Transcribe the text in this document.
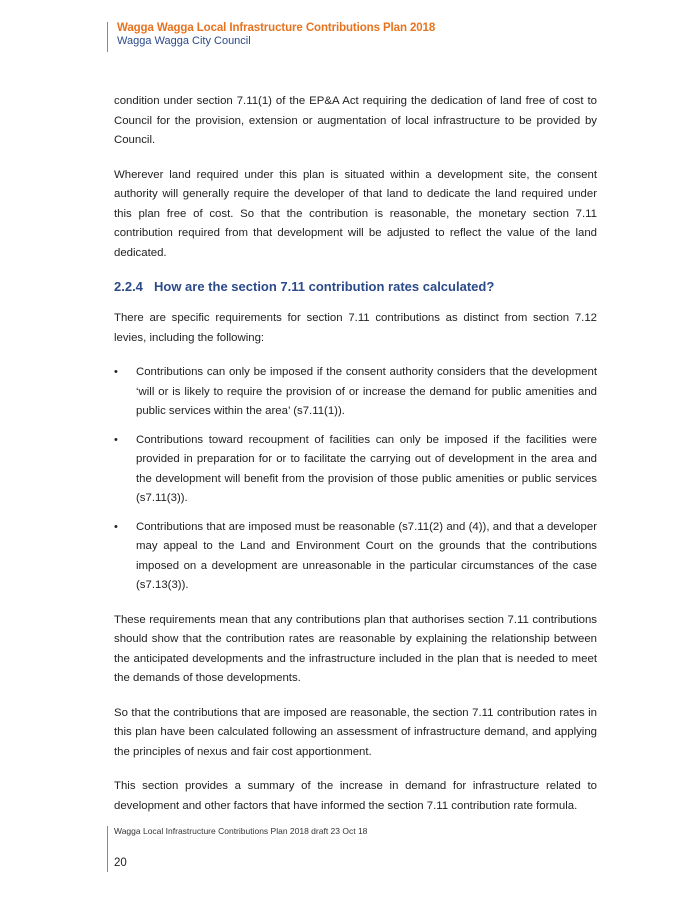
Wagga Wagga Local Infrastructure Contributions Plan 2018
Wagga Wagga City Council

condition under section 7.11(1) of the EP&A Act requiring the dedication of land free of cost to Council for the provision, extension or augmentation of local infrastructure to be provided by Council.

Wherever land required under this plan is situated within a development site, the consent authority will generally require the developer of that land to dedicate the land required under this plan free of cost. So that the contribution is reasonable, the monetary section 7.11 contribution required from that development will be adjusted to reflect the value of the land dedicated.

2.2.4 How are the section 7.11 contribution rates calculated?

There are specific requirements for section 7.11 contributions as distinct from section 7.12 levies, including the following:

• Contributions can only be imposed if the consent authority considers that the development ‘will or is likely to require the provision of or increase the demand for public amenities and public services within the area’ (s7.11(1)).
• Contributions toward recoupment of facilities can only be imposed if the facilities were provided in preparation for or to facilitate the carrying out of development in the area and the development will benefit from the provision of those public amenities or public services (s7.11(3)).
• Contributions that are imposed must be reasonable (s7.11(2) and (4)), and that a developer may appeal to the Land and Environment Court on the grounds that the contributions imposed on a development are unreasonable in the particular circumstances of the case (s7.13(3)).

These requirements mean that any contributions plan that authorises section 7.11 contributions should show that the contribution rates are reasonable by explaining the relationship between the anticipated developments and the infrastructure included in the plan that is needed to meet the demands of those developments.

So that the contributions that are imposed are reasonable, the section 7.11 contribution rates in this plan have been calculated following an assessment of infrastructure demand, and applying the principles of nexus and fair cost apportionment.

This section provides a summary of the increase in demand for infrastructure related to development and other factors that have informed the section 7.11 contribution rate formula.

Wagga Local Infrastructure Contributions Plan 2018 draft 23 Oct 18
20
